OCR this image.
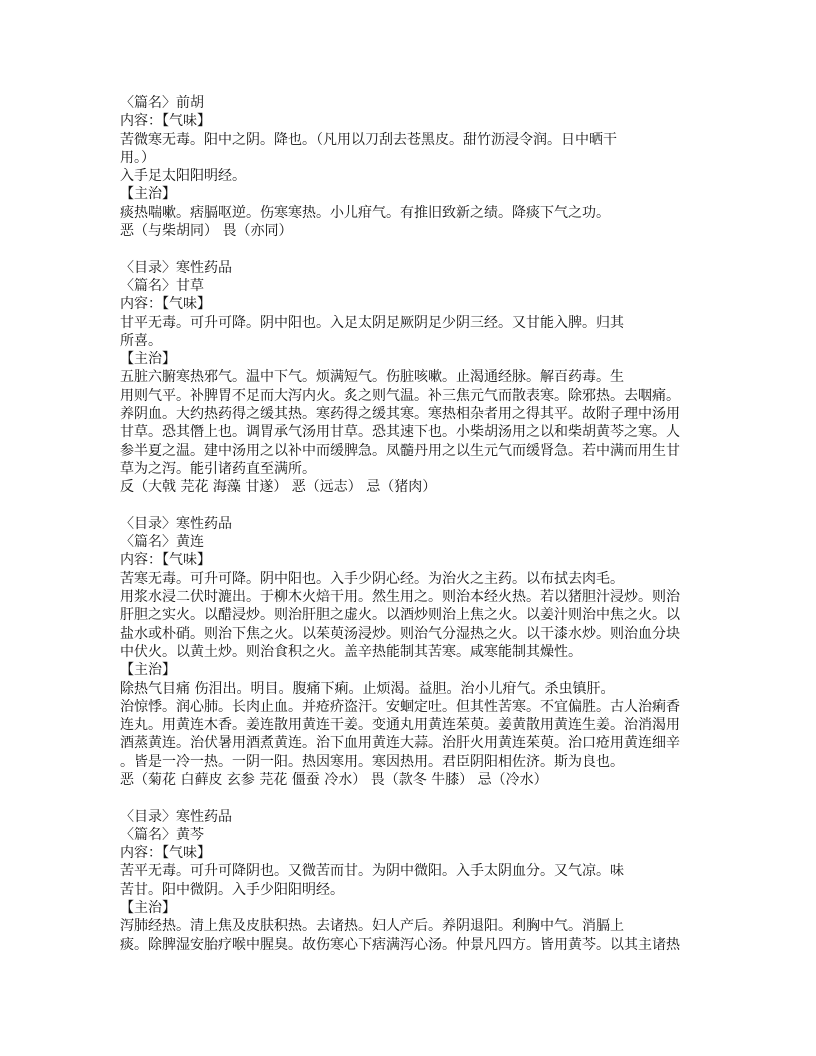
〈篇名〉前胡
内容：【气味】
苦微寒无毒。阳中之阴。降也。（凡用以刀刮去苍黑皮。甜竹沥浸令润。日中晒干
用。）
入手足太阳阳明经。
【主治】
痰热喘嗽。痞膈呕逆。伤寒寒热。小儿疳气。有推旧致新之绩。降痰下气之功。
恶（与柴胡同） 畏（亦同）
〈目录〉寒性药品
〈篇名〉甘草
内容：【气味】
甘平无毒。可升可降。阴中阳也。入足太阴足厥阴足少阴三经。又甘能入脾。归其
所喜。
【主治】
五脏六腑寒热邪气。温中下气。烦满短气。伤脏咳嗽。止渴通经脉。解百药毒。生
用则气平。补脾胃不足而大泻内火。炙之则气温。补三焦元气而散表寒。除邪热。去咽痛。
养阴血。大约热药得之缓其热。寒药得之缓其寒。寒热相杂者用之得其平。故附子理中汤用
甘草。恐其僭上也。调胃承气汤用甘草。恐其速下也。小柴胡汤用之以和柴胡黄芩之寒。人
参半夏之温。建中汤用之以补中而缓脾急。凤髓丹用之以生元气而缓肾急。若中满而用生甘
草为之泻。能引诸药直至满所。
反（大戟 芫花 海藻 甘遂） 恶（远志） 忌（猪肉）
〈目录〉寒性药品
〈篇名〉黄连
内容：【气味】
苦寒无毒。可升可降。阴中阳也。入手少阴心经。为治火之主药。以布拭去肉毛。
用浆水浸二伏时漉出。于柳木火焙干用。然生用之。则治本经火热。若以猪胆汁浸炒。则治
肝胆之实火。以醋浸炒。则治肝胆之虚火。以酒炒则治上焦之火。以姜汁则治中焦之火。以
盐水或朴硝。则治下焦之火。以茱萸汤浸炒。则治气分湿热之火。以干漆水炒。则治血分块
中伏火。以黄土炒。则治食积之火。盖辛热能制其苦寒。咸寒能制其燥性。
【主治】
除热气目痛 伤泪出。明目。腹痛下痢。止烦渴。益胆。治小儿疳气。杀虫镇肝。
治惊悸。润心肺。长肉止血。并疮疥盗汗。安蛔定吐。但其性苦寒。不宜偏胜。古人治痢香
连丸。用黄连木香。姜连散用黄连干姜。变通丸用黄连茱萸。姜黄散用黄连生姜。治消渴用
酒蒸黄连。治伏暑用酒煮黄连。治下血用黄连大蒜。治肝火用黄连茱萸。治口疮用黄连细辛
。皆是一冷一热。一阴一阳。热因寒用。寒因热用。君臣阴阳相佐济。斯为良也。
恶（菊花 白藓皮 玄参 芫花 僵蚕 冷水） 畏（款冬 牛膝） 忌（冷水）
〈目录〉寒性药品
〈篇名〉黄芩
内容：【气味】
苦平无毒。可升可降阴也。又微苦而甘。为阴中微阳。入手太阴血分。又气凉。味
苦甘。阳中微阴。入手少阳阳明经。
【主治】
泻肺经热。清上焦及皮肤积热。去诸热。妇人产后。养阴退阳。利胸中气。消膈上
痰。除脾湿安胎疗喉中腥臭。故伤寒心下痞满泻心汤。仲景凡四方。皆用黄芩。以其主诸热
